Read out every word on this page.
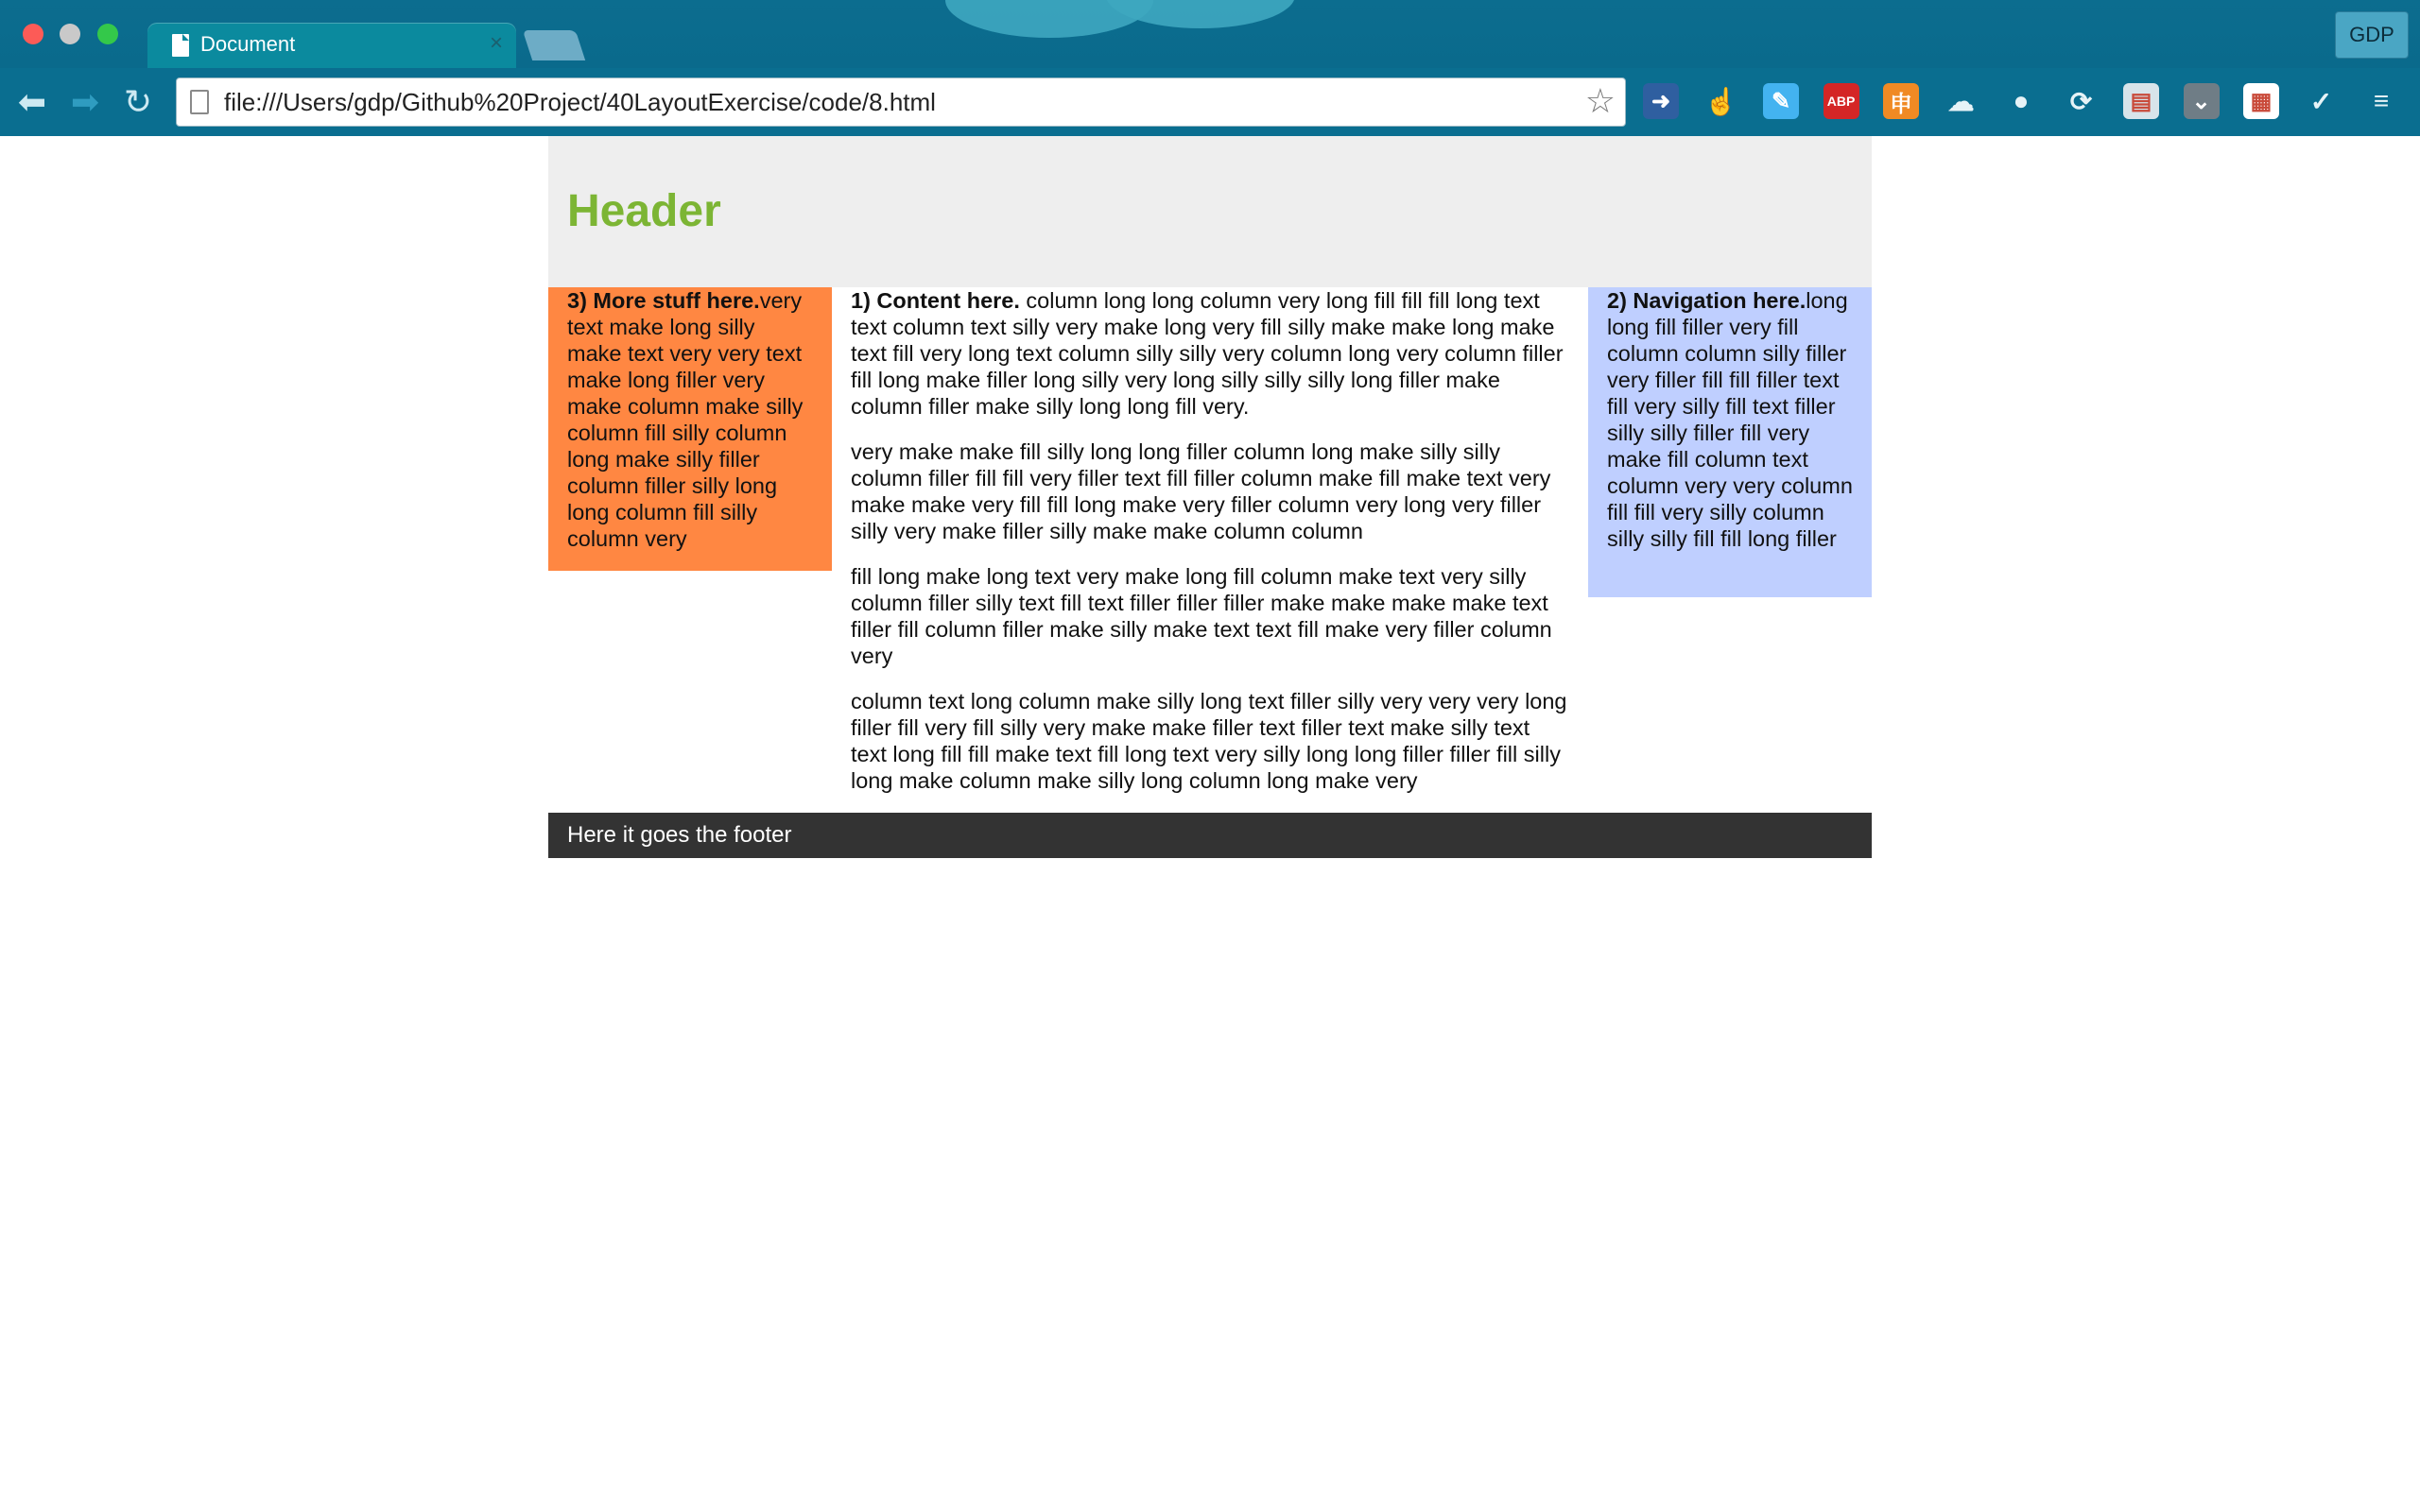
Document	×	GDP
⬅ ➡ ↻	file:///Users/gdp/Github%20Project/40LayoutExercise/code/8.html	☆	➜	☝	✎	ABP 申 ☁	●	⟳	▤	⌄	▦ ✓	≡
Header

3) More stuff here.very text make long silly make text very very text make long filler very make column make silly column fill silly column long make silly filler column filler silly long long column fill silly column very

1) Content here. column long long column very long fill fill fill long text text column text silly very make long very fill silly make make long make text fill very long text column silly silly very column long very column filler fill long make filler long silly very long silly silly silly long filler make column filler make silly long long fill very.

very make make fill silly long long filler column long make silly silly column filler fill fill very filler text fill filler column make fill make text very make make very fill fill long make very filler column very long very filler silly very make filler silly make make column column

fill long make long text very make long fill column make text very silly column filler silly text fill text filler filler filler make make make make text filler fill column filler make silly make text text fill make very filler column very

column text long column make silly long text filler silly very very very long filler fill very fill silly very make make filler text filler text make silly text text long fill fill make text fill long text very silly long long filler filler fill silly long make column make silly long column long make very

2) Navigation here.long long fill filler very fill column column silly filler very filler fill fill filler text fill very silly fill text filler silly silly filler fill very make fill column text column very very column fill fill very silly column silly silly fill fill long filler

Here it goes the footer
